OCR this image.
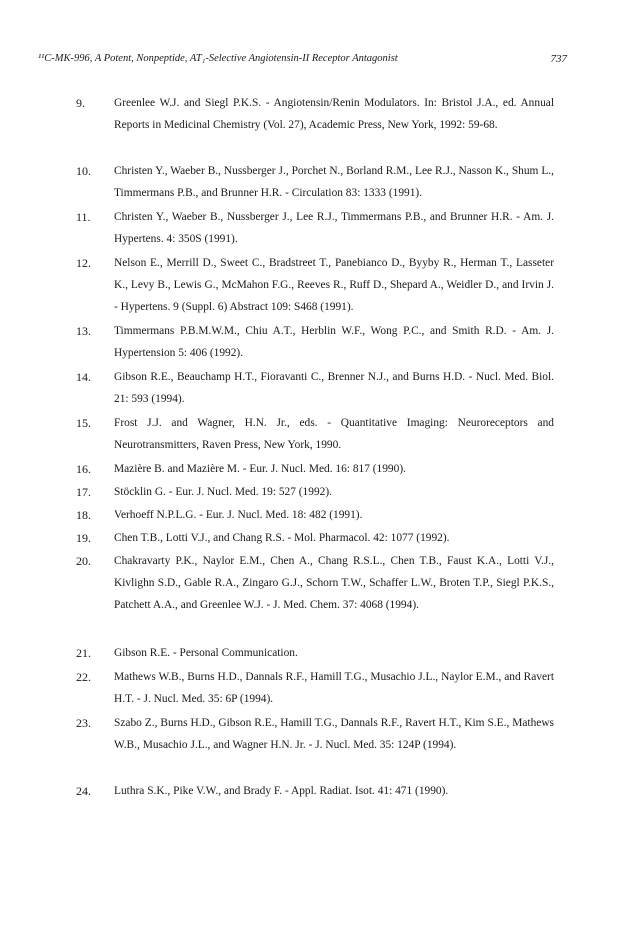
¹¹C-MK-996, A Potent, Nonpeptide, AT₁-Selective Angiotensin-II Receptor Antagonist	737
9.	Greenlee W.J. and Siegl P.K.S. - Angiotensin/Renin Modulators. In: Bristol J.A., ed. Annual Reports in Medicinal Chemistry (Vol. 27), Academic Press, New York, 1992: 59-68.
10.	Christen Y., Waeber B., Nussberger J., Porchet N., Borland R.M., Lee R.J., Nasson K., Shum L., Timmermans P.B., and Brunner H.R. - Circulation 83: 1333 (1991).
11.	Christen Y., Waeber B., Nussberger J., Lee R.J., Timmermans P.B., and Brunner H.R. - Am. J. Hypertens. 4: 350S (1991).
12.	Nelson E., Merrill D., Sweet C., Bradstreet T., Panebianco D., Byyby R., Herman T., Lasseter K., Levy B., Lewis G., McMahon F.G., Reeves R., Ruff D., Shepard A., Weidler D., and Irvin J. - Hypertens. 9 (Suppl. 6) Abstract 109: S468 (1991).
13.	Timmermans P.B.M.W.M., Chiu A.T., Herblin W.F., Wong P.C., and Smith R.D. - Am. J. Hypertension 5: 406 (1992).
14.	Gibson R.E., Beauchamp H.T., Fioravanti C., Brenner N.J., and Burns H.D. - Nucl. Med. Biol. 21: 593 (1994).
15.	Frost J.J. and Wagner, H.N. Jr., eds. - Quantitative Imaging: Neuroreceptors and Neurotransmitters, Raven Press, New York, 1990.
16.	Mazière B. and Mazière M. - Eur. J. Nucl. Med. 16: 817 (1990).
17.	Stöcklin G. - Eur. J. Nucl. Med. 19: 527 (1992).
18.	Verhoeff N.P.L.G. - Eur. J. Nucl. Med. 18: 482 (1991).
19.	Chen T.B., Lotti V.J., and Chang R.S. - Mol. Pharmacol. 42: 1077 (1992).
20.	Chakravarty P.K., Naylor E.M., Chen A., Chang R.S.L., Chen T.B., Faust K.A., Lotti V.J., Kivlighn S.D., Gable R.A., Zingaro G.J., Schorn T.W., Schaffer L.W., Broten T.P., Siegl P.K.S., Patchett A.A., and Greenlee W.J. - J. Med. Chem. 37: 4068 (1994).
21.	Gibson R.E. - Personal Communication.
22.	Mathews W.B., Burns H.D., Dannals R.F., Hamill T.G., Musachio J.L., Naylor E.M., and Ravert H.T. - J. Nucl. Med. 35: 6P (1994).
23.	Szabo Z., Burns H.D., Gibson R.E., Hamill T.G., Dannals R.F., Ravert H.T., Kim S.E., Mathews W.B., Musachio J.L., and Wagner H.N. Jr. - J. Nucl. Med. 35: 124P (1994).
24.	Luthra S.K., Pike V.W., and Brady F. - Appl. Radiat. Isot. 41: 471 (1990).
